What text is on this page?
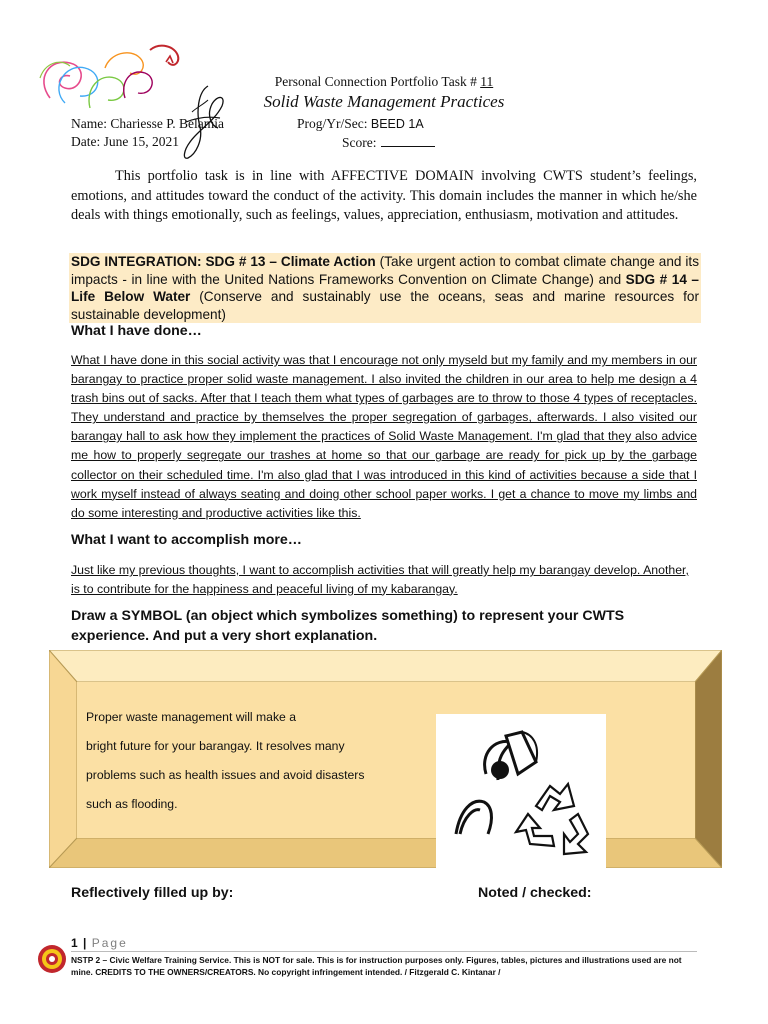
Personal Connection Portfolio Task # 11
Solid Waste Management Practices
Name: Chariesse P. Belamia	Prog/Yr/Sec: BEED 1A
Date: June 15, 2021	Score:
This portfolio task is in line with AFFECTIVE DOMAIN involving CWTS student’s feelings, emotions, and attitudes toward the conduct of the activity. This domain includes the manner in which he/she deals with things emotionally, such as feelings, values, appreciation, enthusiasm, motivation and attitudes.
SDG INTEGRATION: SDG # 13 – Climate Action (Take urgent action to combat climate change and its impacts - in line with the United Nations Frameworks Convention on Climate Change) and SDG # 14 – Life Below Water (Conserve and sustainably use the oceans, seas and marine resources for sustainable development)
What I have done…
What I have done in this social activity was that I encourage not only myseld but my family and my members in our barangay to practice proper solid waste management. I also invited the children in our area to help me design a 4 trash bins out of sacks. After that I teach them what types of garbages are to throw to those 4 types of receptacles. They understand and practice by themselves the proper segregation of garbages, afterwards. I also visited our barangay hall to ask how they implement the practices of Solid Waste Management. I'm glad that they also advice me how to properly segregate our trashes at home so that our garbage are ready for pick up by the garbage collector on their scheduled time. I'm also glad that I was introduced in this kind of activities because a side that I work myself instead of always seating and doing other school paper works. I get a chance to move my limbs and do some interesting and productive activities like this.
What I want to accomplish more…
Just like my previous thoughts, I want to accomplish activities that will greatly help my barangay develop. Another, is to contribute for the happiness and peaceful living of my kabarangay.
Draw a SYMBOL (an object which symbolizes something) to represent your CWTS experience. And put a very short explanation.
Proper waste management will make a
bright future for your barangay. It resolves many
problems such as health issues and avoid disasters
such as flooding.
Reflectively filled up by:	Noted / checked:
1 | Page
NSTP 2 – Civic Welfare Training Service. This is NOT for sale. This is for instruction purposes only. Figures, tables, pictures and illustrations used are not mine. CREDITS TO THE OWNERS/CREATORS. No copyright infringement intended. / Fitzgerald C. Kintanar /
